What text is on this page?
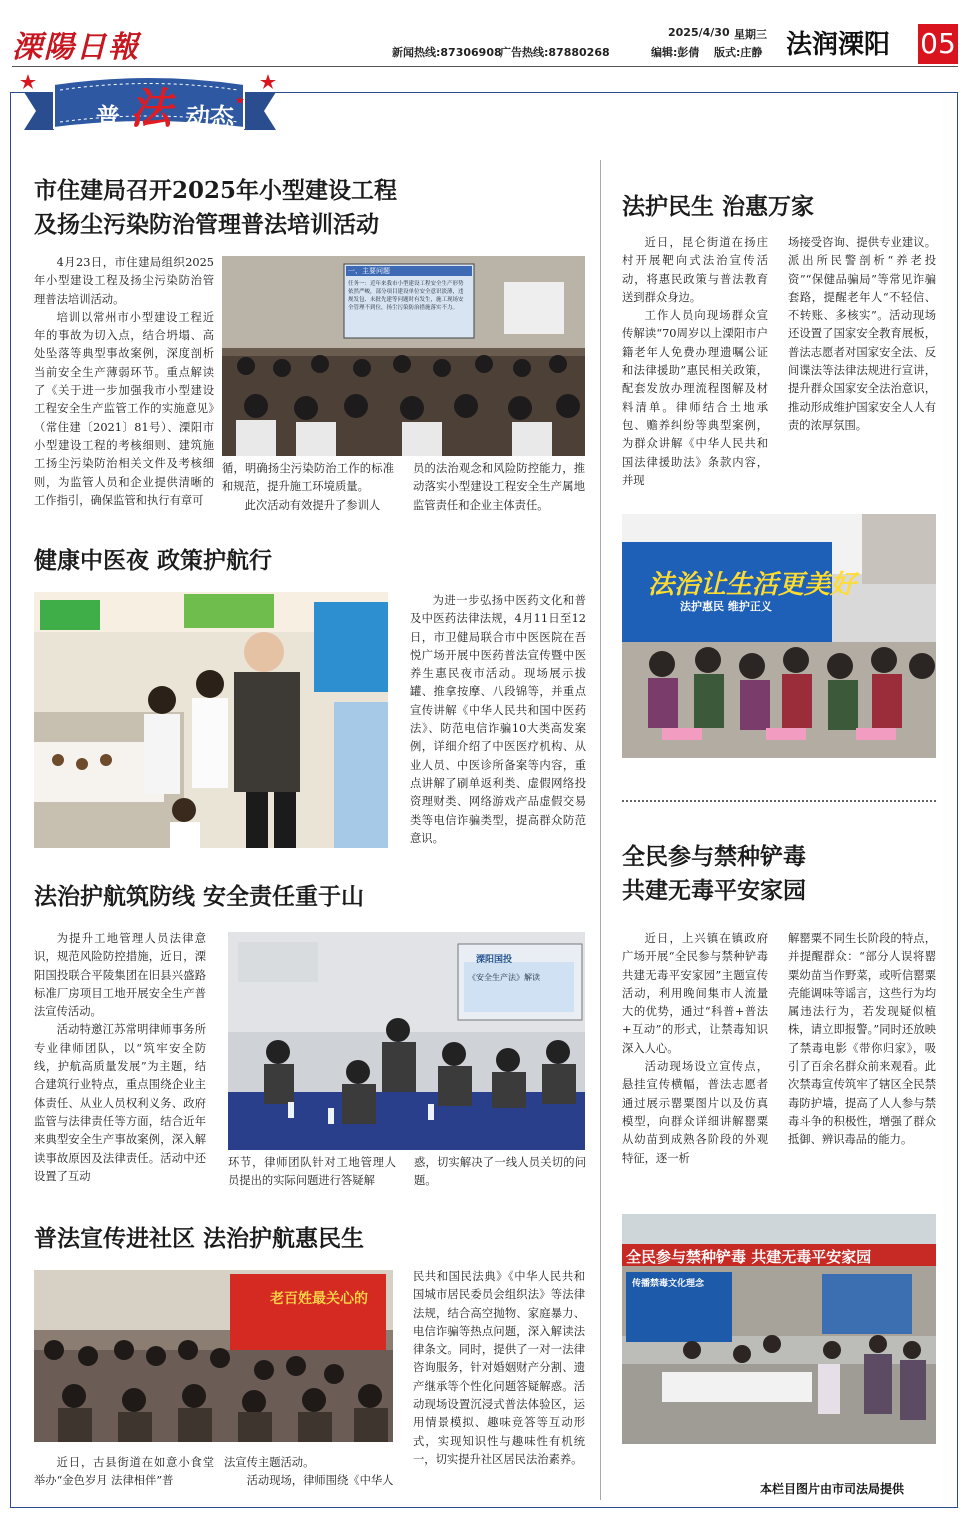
溧陽日報	新闻热线:87306908
广告热线:87880268
2025/4/30 星期三
编辑:彭倩 版式:庄静 法润溧阳 05
普 法 动态
市住建局召开2025年小型建设工程
及扬尘污染防治管理普法培训活动

4月23日，市住建局组织2025年小型建设工程及扬尘污染防治管理普法培训活动。

培训以常州市小型建设工程近年的事故为切入点，结合坍塌、高处坠落等典型事故案例，深度剖析当前安全生产薄弱环节。重点解读了《关于进一步加强我市小型建设工程安全生产监管工作的实施意见》（常住建〔2021〕81号）、溧阳市小型建设工程的考核细则、建筑施工扬尘污染防治相关文件及考核细则，为监管人员和企业提供清晰的工作指引，确保监管和执行有章可

一、主要问题
任务一：近年来我市小型建设工程安全生产形势依然严峻，部分项目建设单位安全意识淡薄，违规发包、未批先建等问题时有发生，施工现场安全管理不到位，扬尘污染防治措施落实不力。

循，明确扬尘污染防治工作的标准和规范，提升施工环境质量。

此次活动有效提升了参训人

员的法治观念和风险防控能力，推动落实小型建设工程安全生产属地监管责任和企业主体责任。

法护民生 治惠万家

近日，昆仑街道在扬庄村开展靶向式法治宣传活动，将惠民政策与普法教育送到群众身边。

工作人员向现场群众宣传解读“70周岁以上溧阳市户籍老年人免费办理遗嘱公证和法律援助”惠民相关政策，配套发放办理流程图解及材料清单。律师结合土地承包、赡养纠纷等典型案例，为群众讲解《中华人民共和国法律援助法》条款内容，并现

场接受咨询、提供专业建议。派出所民警剖析“养老投资”“保健品骗局”等常见诈骗套路，提醒老年人“不轻信、不转账、多核实”。活动现场还设置了国家安全教育展板，普法志愿者对国家安全法、反间谍法等法律法规进行宣讲，提升群众国家安全法治意识，推动形成维护国家安全人人有责的浓厚氛围。

法治让生活更美好
法护惠民 维护正义
健康中医夜 政策护航行

为进一步弘扬中医药文化和普及中医药法律法规，4月11日至12日，市卫健局联合市中医医院在吾悦广场开展中医药普法宣传暨中医养生惠民夜市活动。现场展示拔罐、推拿按摩、八段锦等，并重点宣传讲解《中华人民共和国中医药法》、防范电信诈骗10大类高发案例，详细介绍了中医医疗机构、从业人员、中医诊所备案等内容，重点讲解了刷单返利类、虚假网络投资理财类、网络游戏产品虚假交易类等电信诈骗类型，提高群众防范意识。

法治护航筑防线 安全责任重于山

为提升工地管理人员法律意识，规范风险防控措施，近日，溧阳国投联合平陵集团在旧县兴盛路标准厂房项目工地开展安全生产普法宣传活动。

活动特邀江苏常明律师事务所专业律师团队，以“筑牢安全防线，护航高质量发展”为主题，结合建筑行业特点，重点围绕企业主体责任、从业人员权利义务、政府监管与法律责任等方面，结合近年来典型安全生产事故案例，深入解读事故原因及法律责任。活动中还设置了互动

溧阳国投
《安全生产法》解读

环节，律师团队针对工地管理人员提出的实际问题进行答疑解

惑，切实解决了一线人员关切的问题。

全民参与禁种铲毒
共建无毒平安家园

近日，上兴镇在镇政府广场开展“全民参与禁种铲毒 共建无毒平安家园”主题宣传活动，利用晚间集市人流量大的优势，通过“科普+普法+互动”的形式，让禁毒知识深入人心。

活动现场设立宣传点，悬挂宣传横幅，普法志愿者通过展示罂粟图片以及仿真模型，向群众详细讲解罂粟从幼苗到成熟各阶段的外观特征，逐一析

解罂粟不同生长阶段的特点，并提醒群众：“部分人误将罂粟幼苗当作野菜，或听信罂粟壳能调味等谣言，这些行为均属违法行为，若发现疑似植株，请立即报警。”同时还放映了禁毒电影《带你归家》，吸引了百余名群众前来观看。此次禁毒宣传筑牢了辖区全民禁毒防护墙，提高了人人参与禁毒斗争的积极性，增强了群众抵御、辨识毒品的能力。

全民参与禁种铲毒 共建无毒平安家园
传播禁毒文化理念
普法宣传进社区 法治护航惠民生
老百姓最关心的

近日，古县街道在如意小食堂举办“金色岁月 法律相伴”普

法宣传主题活动。

活动现场，律师围绕《中华人

民共和国民法典》《中华人民共和国城市居民委员会组织法》等法律法规，结合高空抛物、家庭暴力、电信诈骗等热点问题，深入解读法律条文。同时，提供了一对一法律咨询服务，针对婚姻财产分割、遗产继承等个性化问题答疑解惑。活动现场设置沉浸式普法体验区，运用情景模拟、趣味竞答等互动形式，实现知识性与趣味性有机统一，切实提升社区居民法治素养。

本栏目图片由市司法局提供
